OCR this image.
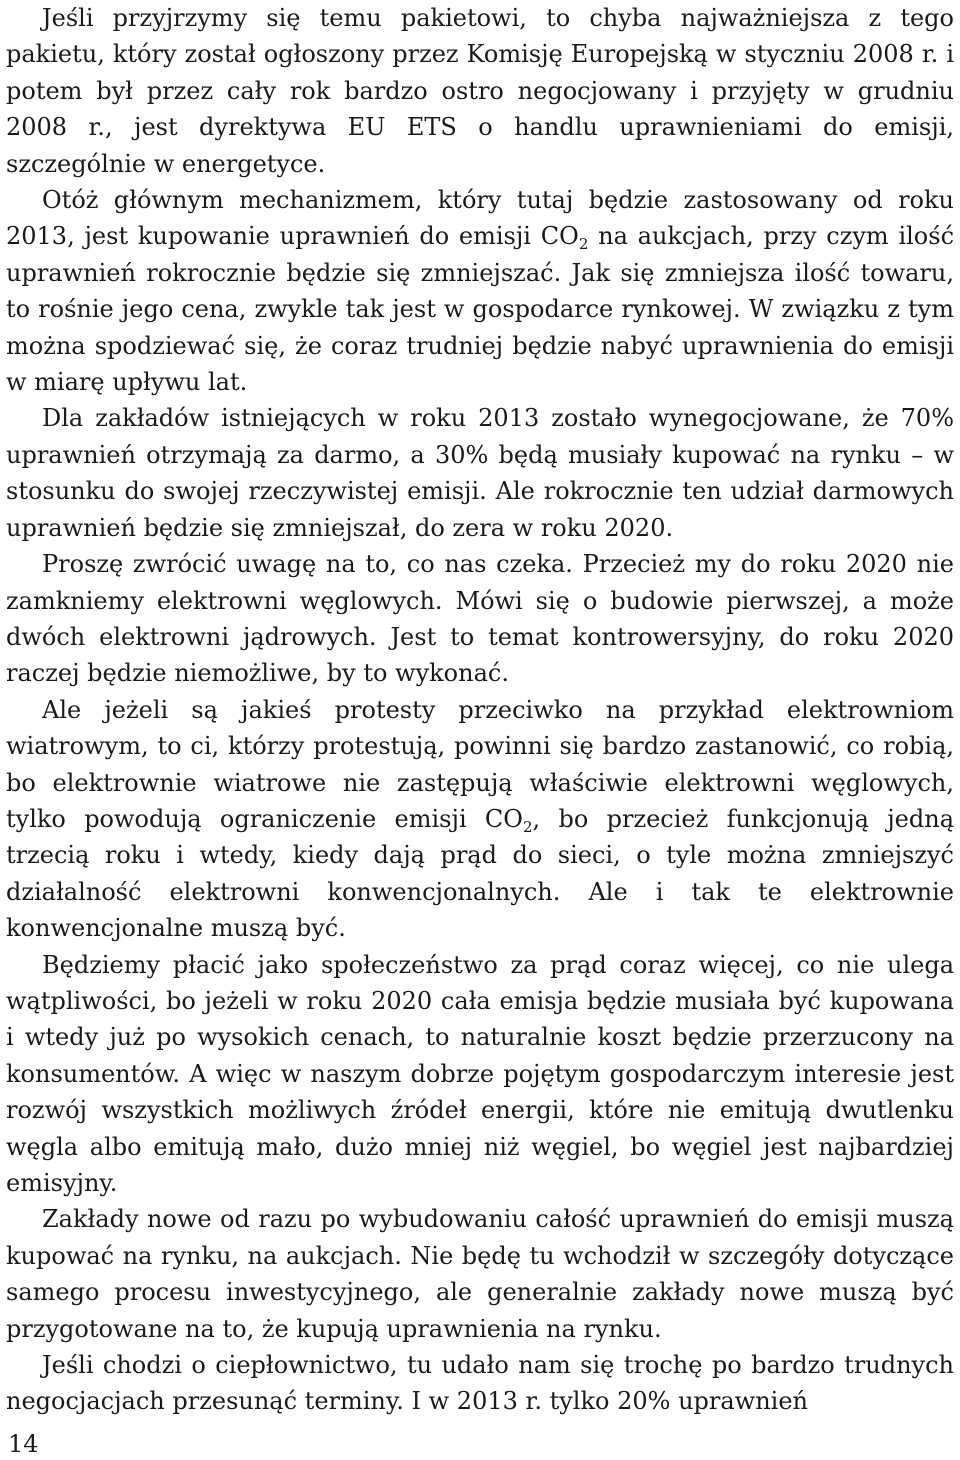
Jeśli przyjrzymy się temu pakietowi, to chyba najważniejsza z tego pakietu, który został ogłoszony przez Komisję Europejską w styczniu 2008 r. i potem był przez cały rok bardzo ostro negocjowany i przyjęty w grudniu 2008 r., jest dyrektywa EU ETS o handlu uprawnieniami do emisji, szczególnie w energetyce.

Otóż głównym mechanizmem, który tutaj będzie zastosowany od roku 2013, jest kupowanie uprawnień do emisji $CO_2$ na aukcjach, przy czym ilość uprawnień rokrocznie będzie się zmniejszać. Jak się zmniejsza ilość towaru, to rośnie jego cena, zwykle tak jest w gospodarce rynkowej. W związku z tym można spodziewać się, że coraz trudniej będzie nabyć uprawnienia do emisji w miarę upływu lat.

Dla zakładów istniejących w roku 2013 zostało wynegocjowane, że 70% uprawnień otrzymają za darmo, a 30% będą musiały kupować na rynku – w stosunku do swojej rzeczywistej emisji. Ale rokrocznie ten udział darmowych uprawnień będzie się zmniejszał, do zera w roku 2020.

Proszę zwrócić uwagę na to, co nas czeka. Przecież my do roku 2020 nie zamkniemy elektrowni węglowych. Mówi się o budowie pierwszej, a może dwóch elektrowni jądrowych. Jest to temat kontrowersyjny, do roku 2020 raczej będzie niemożliwe, by to wykonać.

Ale jeżeli są jakieś protesty przeciwko na przykład elektrowniom wiatrowym, to ci, którzy protestują, powinni się bardzo zastanowić, co robią, bo elektrownie wiatrowe nie zastępują właściwie elektrowni węglowych, tylko powodują ograniczenie emisji $CO_2$, bo przecież funkcjonują jedną trzecią roku i wtedy, kiedy dają prąd do sieci, o tyle można zmniejszyć działalność elektrowni konwencjonalnych. Ale i tak te elektrownie konwencjonalne muszą być.

Będziemy płacić jako społeczeństwo za prąd coraz więcej, co nie ulega wątpliwości, bo jeżeli w roku 2020 cała emisja będzie musiała być kupowana i wtedy już po wysokich cenach, to naturalnie koszt będzie przerzucony na konsumentów. A więc w naszym dobrze pojętym gospodarczym interesie jest rozwój wszystkich możliwych źródeł energii, które nie emitują dwutlenku węgla albo emitują mało, dużo mniej niż węgiel, bo węgiel jest najbardziej emisyjny.

Zakłady nowe od razu po wybudowaniu całość uprawnień do emisji muszą kupować na rynku, na aukcjach. Nie będę tu wchodził w szczegóły dotyczące samego procesu inwestycyjnego, ale generalnie zakłady nowe muszą być przygotowane na to, że kupują uprawnienia na rynku.

Jeśli chodzi o ciepłownictwo, tu udało nam się trochę po bardzo trudnych negocjacjach przesunąć terminy. I w 2013 r. tylko 20% uprawnień

14
